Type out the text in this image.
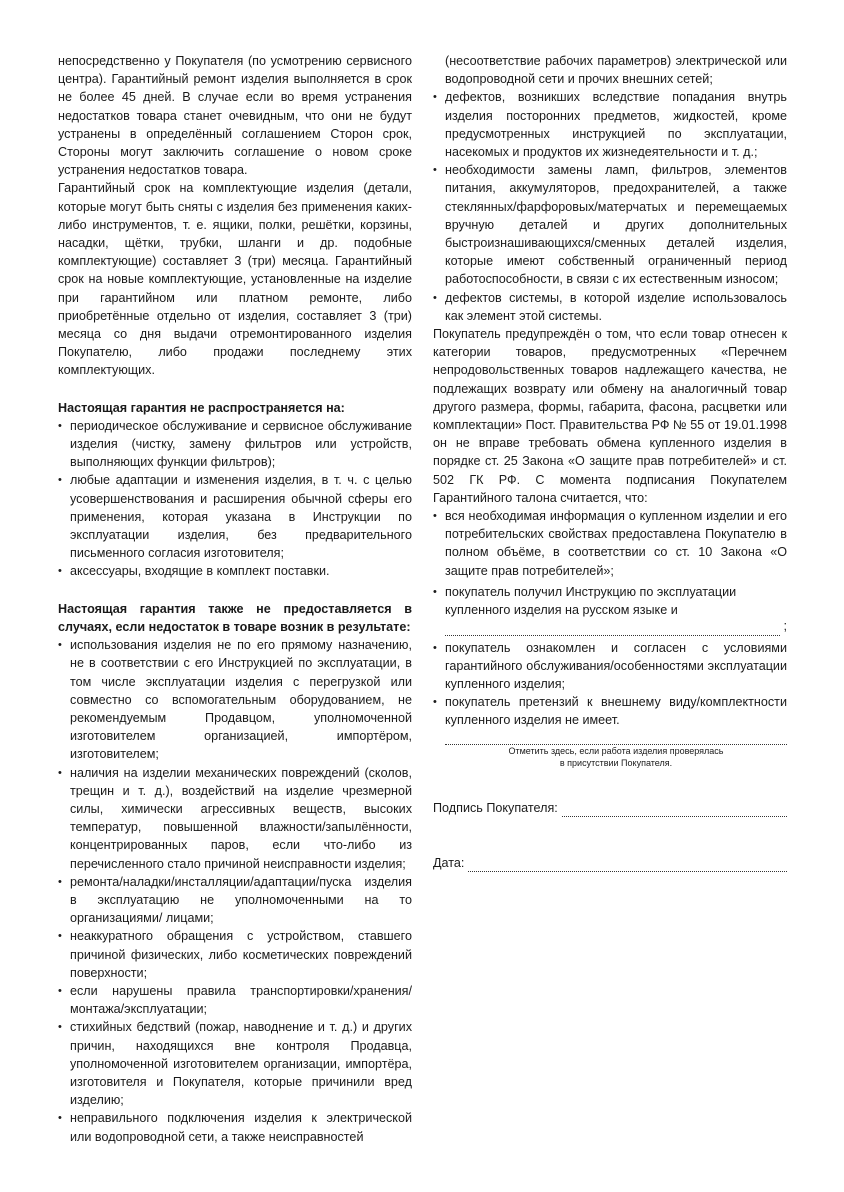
непосредственно у Покупателя (по усмотрению сервисного центра). Гарантийный ремонт изделия выполняется в срок не более 45 дней. В случае если во время устранения недостатков товара станет очевидным, что они не будут устранены в определённый соглашением Сторон срок, Стороны могут заключить соглашение о новом сроке устранения недостатков товара.

Гарантийный срок на комплектующие изделия (детали, которые могут быть сняты с изделия без применения каких-либо инструментов, т. е. ящики, полки, решётки, корзины, насадки, щётки, трубки, шланги и др. подобные комплектующие) составляет 3 (три) месяца. Гарантийный срок на новые комплектующие, установленные на изделие при гарантийном или платном ремонте, либо приобретённые отдельно от изделия, составляет 3 (три) месяца со дня выдачи отремонтированного изделия Покупателю, либо продажи последнему этих комплектующих.

Настоящая гарантия не распространяется на:

• периодическое обслуживание и сервисное обслуживание изделия (чистку, замену фильтров или устройств, выполняющих функции фильтров);
• любые адаптации и изменения изделия, в т. ч. с целью усовершенствования и расширения обычной сферы его применения, которая указана в Инструкции по эксплуатации изделия, без предварительного письменного согласия изготовителя;
• аксессуары, входящие в комплект поставки.

Настоящая гарантия также не предоставляется в случаях, если недостаток в товаре возник в результате:

• использования изделия не по его прямому назначению, не в соответствии с его Инструкцией по эксплуатации, в том числе эксплуатации изделия с перегрузкой или совместно со вспомогательным оборудованием, не рекомендуемым Продавцом, уполномоченной изготовителем организацией, импортёром, изготовителем;
• наличия на изделии механических повреждений (сколов, трещин и т. д.), воздействий на изделие чрезмерной силы, химически агрессивных веществ, высоких температур, повышенной влажности/запылённости, концентрированных паров, если что-либо из перечисленного стало причиной неисправности изделия;
• ремонта/наладки/инсталляции/адаптации/пуска изделия в эксплуатацию не уполномоченными на то организациями/ лицами;
• неаккуратного обращения с устройством, ставшего причиной физических, либо косметических повреждений поверхности;
• если нарушены правила транспортировки/хранения/монтажа/эксплуатации;
• стихийных бедствий (пожар, наводнение и т. д.) и других причин, находящихся вне контроля Продавца, уполномоченной изготовителем организации, импортёра, изготовителя и Покупателя, которые причинили вред изделию;
• неправильного подключения изделия к электрической или водопроводной сети, а также неисправностей

(несоответствие рабочих параметров) электрической или водопроводной сети и прочих внешних сетей;

• дефектов, возникших вследствие попадания внутрь изделия посторонних предметов, жидкостей, кроме предусмотренных инструкцией по эксплуатации, насекомых и продуктов их жизнедеятельности и т. д.;
• необходимости замены ламп, фильтров, элементов питания, аккумуляторов, предохранителей, а также стеклянных/фарфоровых/матерчатых и перемещаемых вручную деталей и других дополнительных быстроизнашивающихся/сменных деталей изделия, которые имеют собственный ограниченный период работоспособности, в связи с их естественным износом;
• дефектов системы, в которой изделие использовалось как элемент этой системы.

Покупатель предупреждён о том, что если товар отнесен к категории товаров, предусмотренных «Перечнем непродовольственных товаров надлежащего качества, не подлежащих возврату или обмену на аналогичный товар другого размера, формы, габарита, фасона, расцветки или комплектации» Пост. Правительства РФ № 55 от 19.01.1998 он не вправе требовать обмена купленного изделия в порядке ст. 25 Закона «О защите прав потребителей» и ст. 502 ГК РФ. С момента подписания Покупателем Гарантийного талона считается, что:

• вся необходимая информация о купленном изделии и его потребительских свойствах предоставлена Покупателю в полном объёме, в соответствии со ст. 10 Закона «О защите прав потребителей»;
• покупатель получил Инструкцию по эксплуатации купленного изделия на русском языке и
;
• покупатель ознакомлен и согласен с условиями гарантийного обслуживания/особенностями эксплуатации купленного изделия;
• покупатель претензий к внешнему виду/комплектности купленного изделия не имеет.
Отметить здесь, если работа изделия проверялась
в присутствии Покупателя.
Подпись Покупателя:
Дата:
